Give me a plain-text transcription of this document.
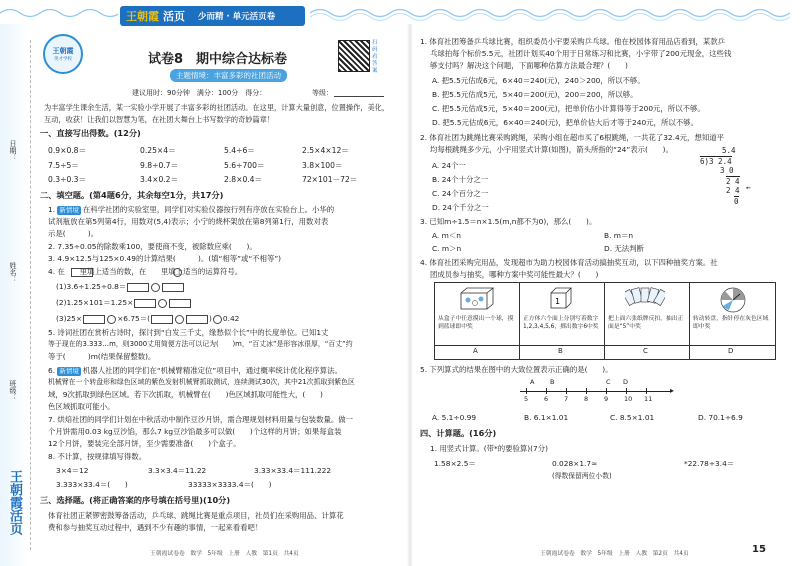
王朝霞 活页 少而精 · 单元活页卷
日期：
姓名：
班级：
王朝霞活页
王朝霞
英才学校	试卷8　期中综合达标卷
主题情境：丰富多彩的社团活动
扫码看答案
建议用时：90分钟　满分：100分　得分：	等级：
为丰富学生课余生活，某一实验小学开展了丰富多彩的社团活动。在这里，计算大量创意，位置操作，美化，互动，收获！让我们以智慧为笔，在社团大舞台上书写数学的奇妙篇章！
一、直接写出得数。(12分)
0.9×0.8＝	0.25×4＝	5.4÷6＝	2.5×4×12＝
7.5÷5＝	9.8÷0.7＝	5.6÷700＝	3.8×100＝
0.3÷0.3＝	3.4×0.2＝	2.8×0.4＝	72×101－72＝
二、填空题。(第4题6分，其余每空1分，共17分)
1. 新情境 在科学社团的实验室里，同学们对实验仪器按行列有序放在实验台上。小华的
试剂瓶放在第5列第4行，用数对(5,4)表示；小宁的烧杯架放在第8列第1行，用数对表
示是(　　　)。
2. 7.35÷0.05的除数乘100，要使商不变，被除数应乘(　　)。
3. 4.9×12.5与125×0.49的计算结果(　　　)。(填“相等”或“不相等”)
4. 在　　里填上适当的数，在　　里填上适当的运算符号。
(1)3.6÷1.25÷0.8＝
(2)1.25×101＝1.25×
(3)25×	×6.75＝(	) 0.42
5. 诗词社团在赏析古诗时，探讨到“白发三千丈，缘愁似个长”中的长度单位。已知1丈
等于现在的3.333…m，则3000丈用简便方法可以记为(　　)m，“百丈冰”是形容冰很厚，“百丈”约
等于(　　　)m(结果保留整数)。
6. 新情境 机器人社团的同学们在“机械臂精准定位”项目中，通过概率统计优化程序算法。
机械臂在一个转盘形和绿色区域的紫色发射机械臂抓取测试，连续测试30次，其中21次抓取到紫色区
域，9次抓取到绿色区域。若下次抓取，机械臂在(　　)色区域抓取可能性大，(　　)
色区域抓取可能小。
7. 烘焙社团的同学们计划在中秋活动中制作豆沙月饼，需合理规划材料用量与包装数量。做一
个月饼需用0.03 kg豆沙馅，那么7 kg豆沙馅最多可以做(　　)个这样的月饼；如果每盒装
12个月饼，要装完全部月饼，至少需要准备(　　)个盒子。
8. 不计算，按规律填写得数。
3×4＝12	3.3×3.4＝11.22	3.33×33.4＝111.222
3.333×33.4＝(　　)	33333×3333.4＝(　　)
三、选择题。(将正确答案的序号填在括号里)(10分)
体育社团正紧锣密鼓筹备活动，乒乓球、跳绳比赛是重点项目，社员们在采购用品、计算花
费和参与抽奖互动过程中，遇到不少有趣的事情，一起来看看吧！
王朝霞试卷卷 数学 5年级 上册 人教 第1页 共4页
1. 体育社团筹备乒乓球比赛，组织委员小宇要采购乒乓球。他在校园体育用品店看到，某款乒
乓球拍每个标价5.5元，社团计划买40个用于日常练习和比赛，小宇带了200元现金，这些钱
够支付吗？解决这个问题，下面哪种估算方法最合理？(　　)
A. 把5.5元估成6元，6×40＝240(元)，240＞200，所以不够。
B. 把5.5元估成5元，5×40＝200(元)，200＝200，所以够。
C. 把5.5元估成5元，5×40＝200(元)，把单价估小计算得等于200元，所以不够。
D. 把5.5元估成6元，6×40＝240(元)，把单价估大后才等于240元，所以不够。
2. 体育社团为跳绳比赛采购跳绳，采购小组在超市买了6根跳绳，一共花了32.4元，想知道平
均每根跳绳多少元，小宇用竖式计算(如图)，箭头所指的“24”表示(　　)。
A. 24个一
B. 24个十分之一
C. 24个百分之一
D. 24个千分之一
5.4
6)3 2.4
3 0
2 4
2 4
0
←
3. 已知m÷1.5＝n×1.5(m,n都不为0)，那么(　　)。
A. m＜n	B. m＝n
C. m＞n	D. 无法判断
4. 体育社团采购完用品，发现超市为助力校园体育活动搞抽奖互动，以下四种抽奖方案。社
团成员参与抽奖，哪种方案中奖可能性最大？(　　)
从盒子中任意摸出一个球，摸到蓝球即中奖
1
正方体六个面上分别写着数字1,2,3,4,5,6，掷出数字6中奖
把上面六张纸牌反扣，抽出正面是“5”中奖
转动转盘，指针停在灰色区域即中奖
A	B	C	D
5. 下列算式的结果在图中的大致位置表示正确的是(　　)。
▸
5 6 7 8 9 10 11
A B	C D
A. 5.1÷0.99	B. 6.1×1.01	C. 8.5×1.01	D. 70.1÷6.9
四、计算题。(16分)
1. 用竖式计算。(带*的要验算)(7分)
1.58×2.5＝	0.028×1.7≈	*22.78÷3.4＝
(得数保留两位小数)
王朝霞试卷卷 数学 5年级 上册 人教 第2页 共4页	15
